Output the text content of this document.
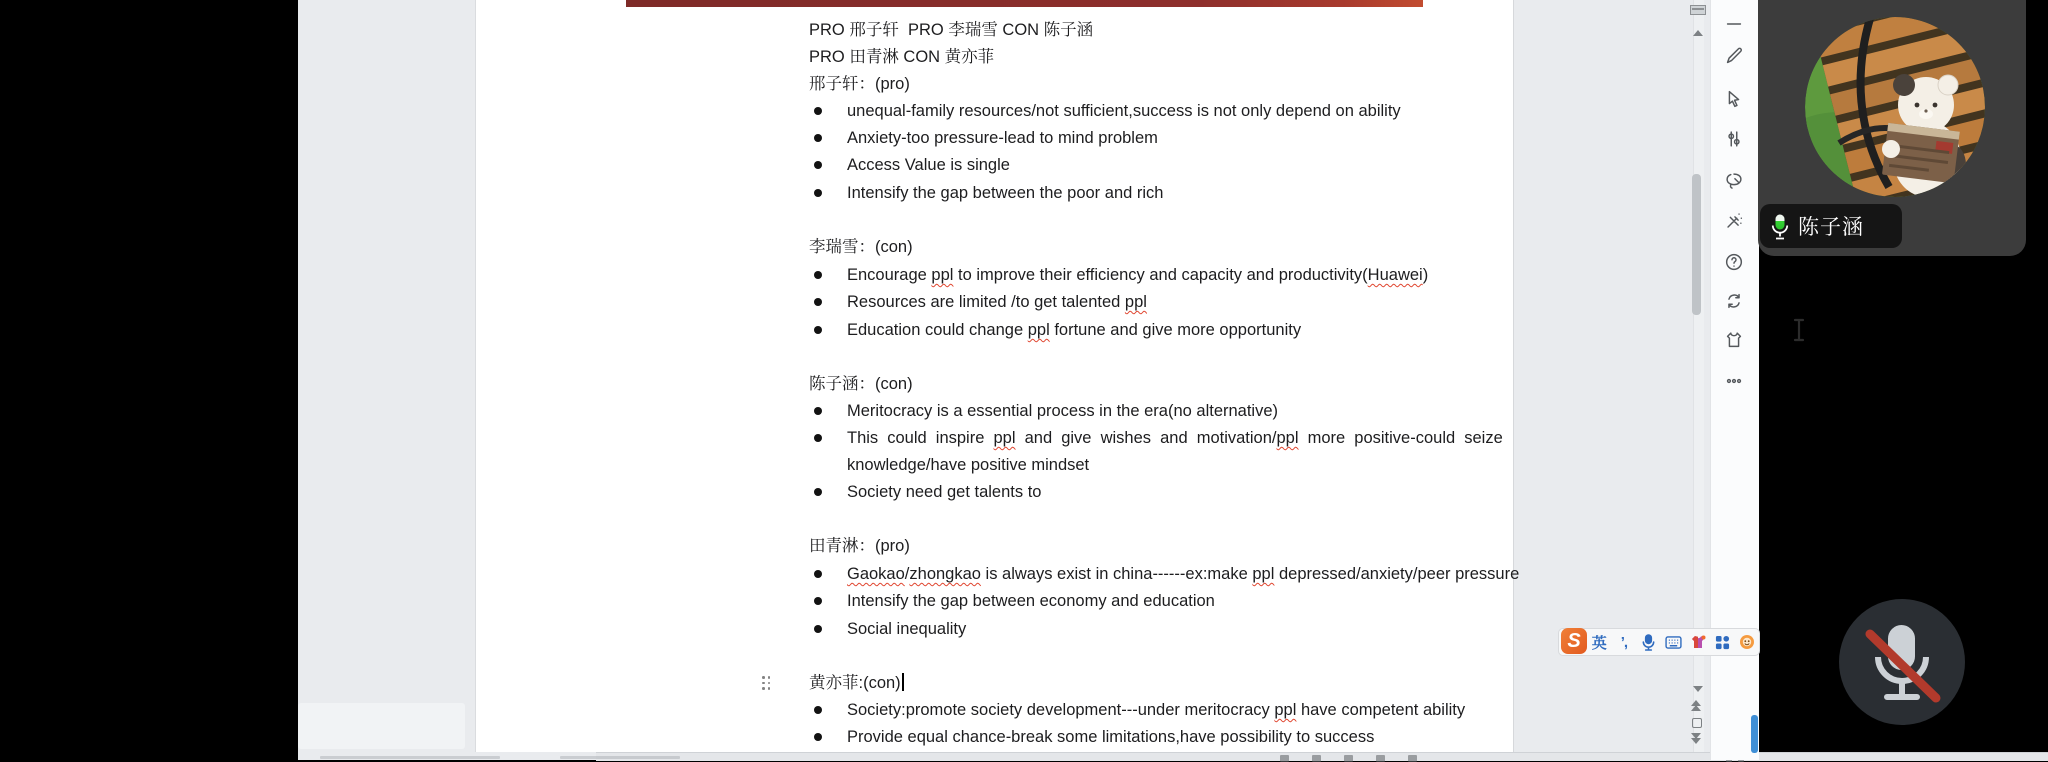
PRO 邢子轩  PRO 李瑞雪 CON 陈子涵
PRO 田青淋 CON 黄亦菲
邢子轩：(pro)
unequal-family resources/not sufficient,success is not only depend on ability
Anxiety-too pressure-lead to mind problem
Access Value is single
Intensify the gap between the poor and rich
李瑞雪：(con)
Encourage ppl to improve their efficiency and capacity and productivity(Huawei)
Resources are limited /to get talented ppl
Education could change ppl fortune and give more opportunity
陈子涵：(con)
Meritocracy is a essential process in the era(no alternative)
This could inspire ppl and give wishes and motivation/ppl more positive-could seize
knowledge/have positive mindset
Society need get talents to
田青淋：(pro)
Gaokao/zhongkao is always exist in china------ex:make ppl depressed/anxiety/peer pressure
Intensify the gap between economy and education
Social inequality
黄亦菲:(con)
Society:promote society development---under meritocracy ppl have competent ability
Provide equal chance-break some limitations,have possibility to success
陈子涵
S 英 ’,
